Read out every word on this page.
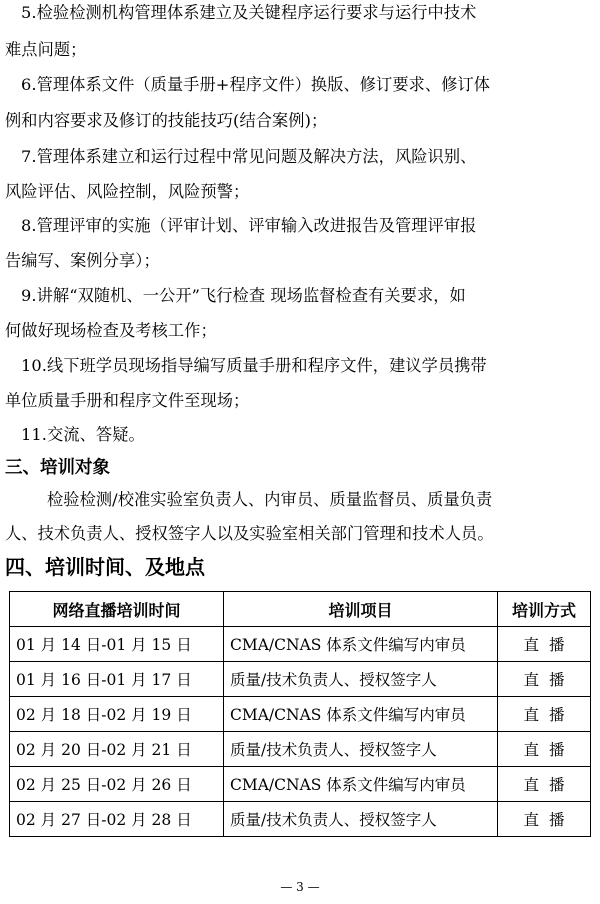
5.检验检测机构管理体系建立及关键程序运行要求与运行中技术
难点问题；
6.管理体系文件（质量手册+程序文件）换版、修订要求、修订体
例和内容要求及修订的技能技巧(结合案例)；
7.管理体系建立和运行过程中常见问题及解决方法，风险识别、
风险评估、风险控制，风险预警；
8.管理评审的实施（评审计划、评审输入改进报告及管理评审报
告编写、案例分享）；
9.讲解“双随机、一公开”飞行检查 现场监督检查有关要求，如
何做好现场检查及考核工作；
10.线下班学员现场指导编写质量手册和程序文件，建议学员携带
单位质量手册和程序文件至现场；
11.交流、答疑。
三、培训对象
检验检测/校准实验室负责人、内审员、质量监督员、质量负责
人、技术负责人、授权签字人以及实验室相关部门管理和技术人员。
四、培训时间、及地点
网络直播培训时间	培训项目	培训方式
01 月 14 日-01 月 15 日	CMA/CNAS 体系文件编写内审员	直播
01 月 16 日-01 月 17 日	质量/技术负责人、授权签字人	直播
02 月 18 日-02 月 19 日	CMA/CNAS 体系文件编写内审员	直播
02 月 20 日-02 月 21 日	质量/技术负责人、授权签字人	直播
02 月 25 日-02 月 26 日	CMA/CNAS 体系文件编写内审员	直播
02 月 27 日-02 月 28 日	质量/技术负责人、授权签字人	直播
— 3 —
